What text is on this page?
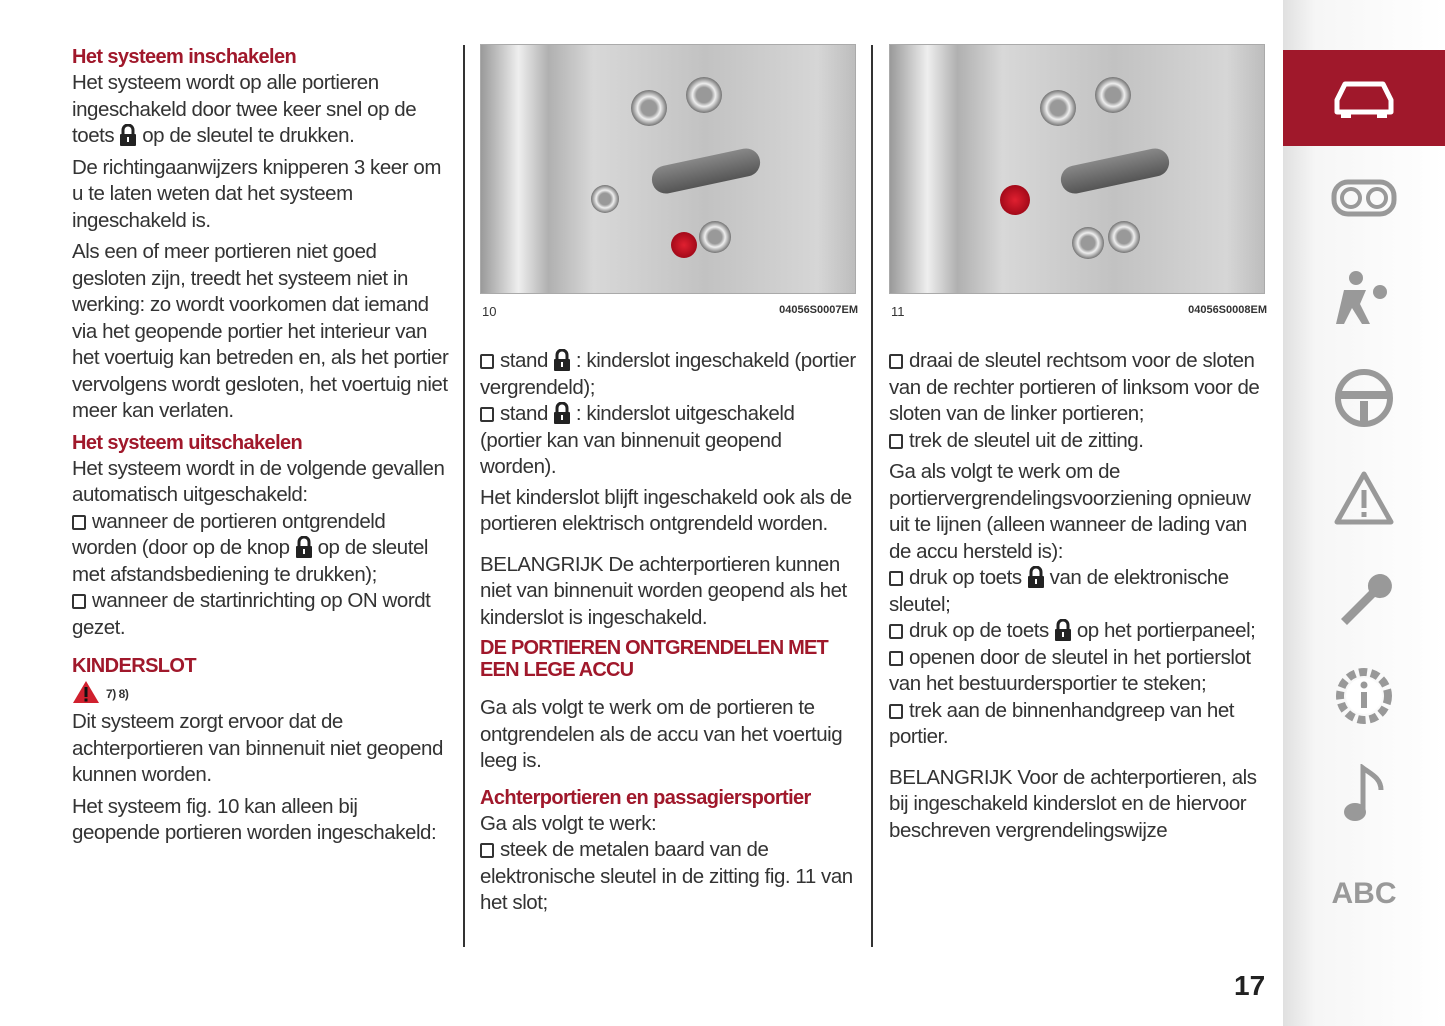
Het systeem inschakelen

Het systeem wordt op alle portieren ingeschakeld door twee keer snel op de toets op de sleutel te drukken.

De richtingaanwijzers knipperen 3 keer om u te laten weten dat het systeem ingeschakeld is.

Als een of meer portieren niet goed gesloten zijn, treedt het systeem niet in werking: zo wordt voorkomen dat iemand via het geopende portier het interieur van het voertuig kan betreden en, als het portier vervolgens wordt gesloten, het voertuig niet meer kan verlaten.

Het systeem uitschakelen

Het systeem wordt in de volgende gevallen automatisch uitgeschakeld:

wanneer de portieren ontgrendeld worden (door op de knop op de sleutel met afstandsbediening te drukken);
wanneer de startinrichting op ON wordt gezet.
KINDERSLOT
7) 8)

Dit systeem zorgt ervoor dat de achterportieren van binnenuit niet geopend kunnen worden.

Het systeem fig. 10 kan alleen bij geopende portieren worden ingeschakeld:

10	04056S0007EM	11	04056S0008EM
stand : kinderslot ingeschakeld (portier vergrendeld);
stand : kinderslot uitgeschakeld (portier kan van binnenuit geopend worden).

Het kinderslot blijft ingeschakeld ook als de portieren elektrisch ontgrendeld worden.

BELANGRIJK De achterportieren kunnen niet van binnenuit worden geopend als het kinderslot is ingeschakeld.

DE PORTIEREN ONTGRENDELEN MET EEN LEGE ACCU

Ga als volgt te werk om de portieren te ontgrendelen als de accu van het voertuig leeg is.

Achterportieren en passagiersportier

Ga als volgt te werk:

steek de metalen baard van de elektronische sleutel in de zitting fig. 11 van het slot;
draai de sleutel rechtsom voor de sloten van de rechter portieren of linksom voor de sloten van de linker portieren;
trek de sleutel uit de zitting.

Ga als volgt te werk om de portiervergrendelingsvoorziening opnieuw uit te lijnen (alleen wanneer de lading van de accu hersteld is):

druk op toets van de elektronische sleutel;
druk op de toets op het portierpaneel;
openen door de sleutel in het portierslot van het bestuurdersportier te steken;
trek aan de binnenhandgreep van het portier.

BELANGRIJK Voor de achterportieren, als bij ingeschakeld kinderslot en de hiervoor beschreven vergrendelingswijze

ABC
17
